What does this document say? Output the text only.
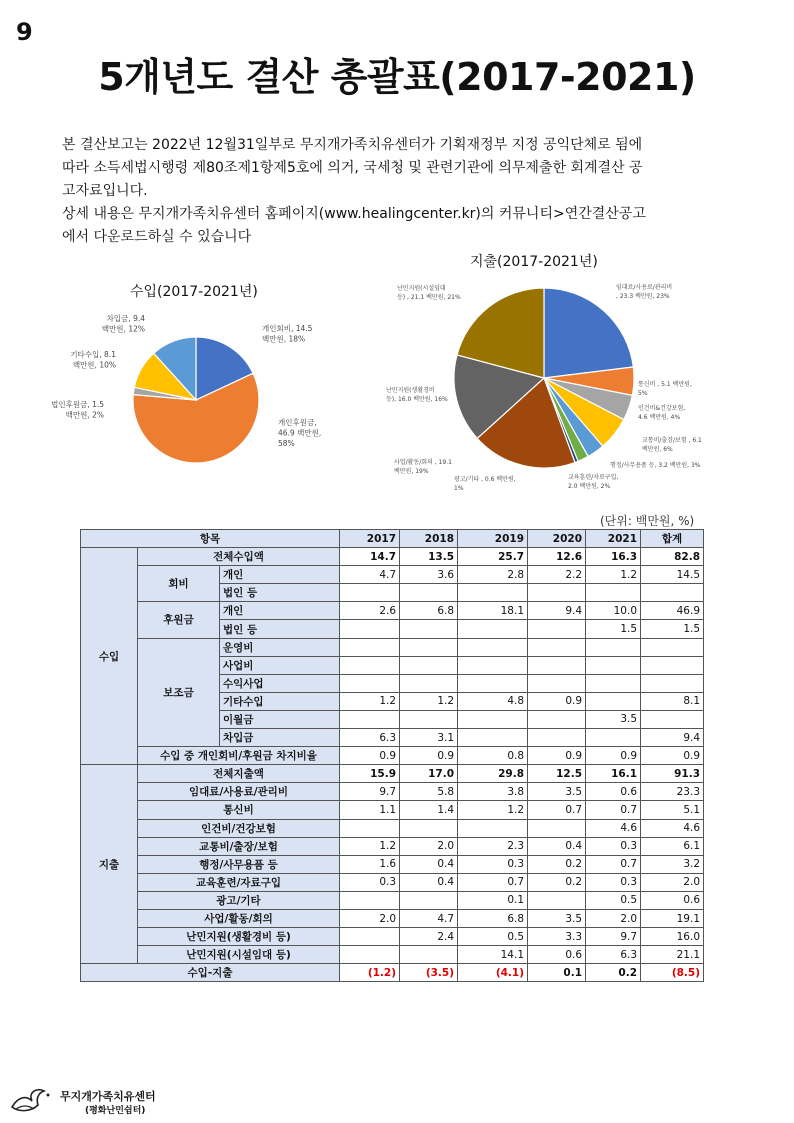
9
5개년도 결산 총괄표(2017-2021)

본 결산보고는 2022년 12월31일부로 무지개가족치유센터가 기획재정부 지정 공익단체로 됨에

따라 소득세법시행령 제80조제1항제5호에 의거, 국세청 및 관련기관에 의무제출한 회계결산 공

고자료입니다.

상세 내용은 무지개가족치유센터 홈페이지(www.healingcenter.kr)의 커뮤니티>연간결산공고

에서 다운로드하실 수 있습니다

수입(2017-2021년)
지출(2017-2021년)
개인회비, 14.5 백만원, 18%
개인후원금, 46.9 백만원, 58%
법인후원금, 1.5 백만원, 2%
기타수입, 8.1 백만원, 10%
차입금, 9.4 백만원, 12%
임대료/사용료/관리비 , 23.3 백만원, 23%
통신비 , 5.1 백만원, 5%
인건비&건강보험, 4.6 백만원, 4%
교통비/출장/보험 , 6.1 백만원, 6%
행정/사무용품 등, 3.2 백만원, 3%
교육훈련/자료구입, 2.0 백만원, 2%
광고/기타 , 0.6 백만원, 1%
사업/활동/회의 , 19.1 백만원, 19%
난민지원(생활경비 등), 16.0 백만원, 16%
난민지원(시설임대 등) , 21.1 백만원, 21%
(단위: 백만원, %)
항목			2017	2018	2019	2020	2021	합계
수입	전체수입액		14.7	13.5	25.7	12.6	16.3	82.8
	회비	개인	4.7	3.6	2.8	2.2	1.2	14.5
		법인 등						
	후원금	개인	2.6	6.8	18.1	9.4	10.0	46.9
		법인 등					1.5	1.5
	보조금	운영비						
		사업비						
		수익사업						
		기타수입	1.2	1.2	4.8	0.9		8.1
		이월금					3.5	
		차입금	6.3	3.1				9.4
	수입 중 개인회비/후원금 차지비율		0.9	0.9	0.8	0.9	0.9	0.9
지출	전체지출액		15.9	17.0	29.8	12.5	16.1	91.3
	임대료/사용료/관리비		9.7	5.8	3.8	3.5	0.6	23.3
	통신비		1.1	1.4	1.2	0.7	0.7	5.1
	인건비/건강보험						4.6	4.6
	교통비/출장/보험		1.2	2.0	2.3	0.4	0.3	6.1
	행정/사무용품 등		1.6	0.4	0.3	0.2	0.7	3.2
	교육훈련/자료구입		0.3	0.4	0.7	0.2	0.3	2.0
	광고/기타				0.1		0.5	0.6
	사업/활동/회의		2.0	4.7	6.8	3.5	2.0	19.1
	난민지원(생활경비 등)			2.4	0.5	3.3	9.7	16.0
	난민지원(시설임대 등)				14.1	0.6	6.3	21.1
수입-지출			(1.2)	(3.5)	(4.1)	0.1	0.2	(8.5)
무지개가족치유센터
(평화난민쉼터)
